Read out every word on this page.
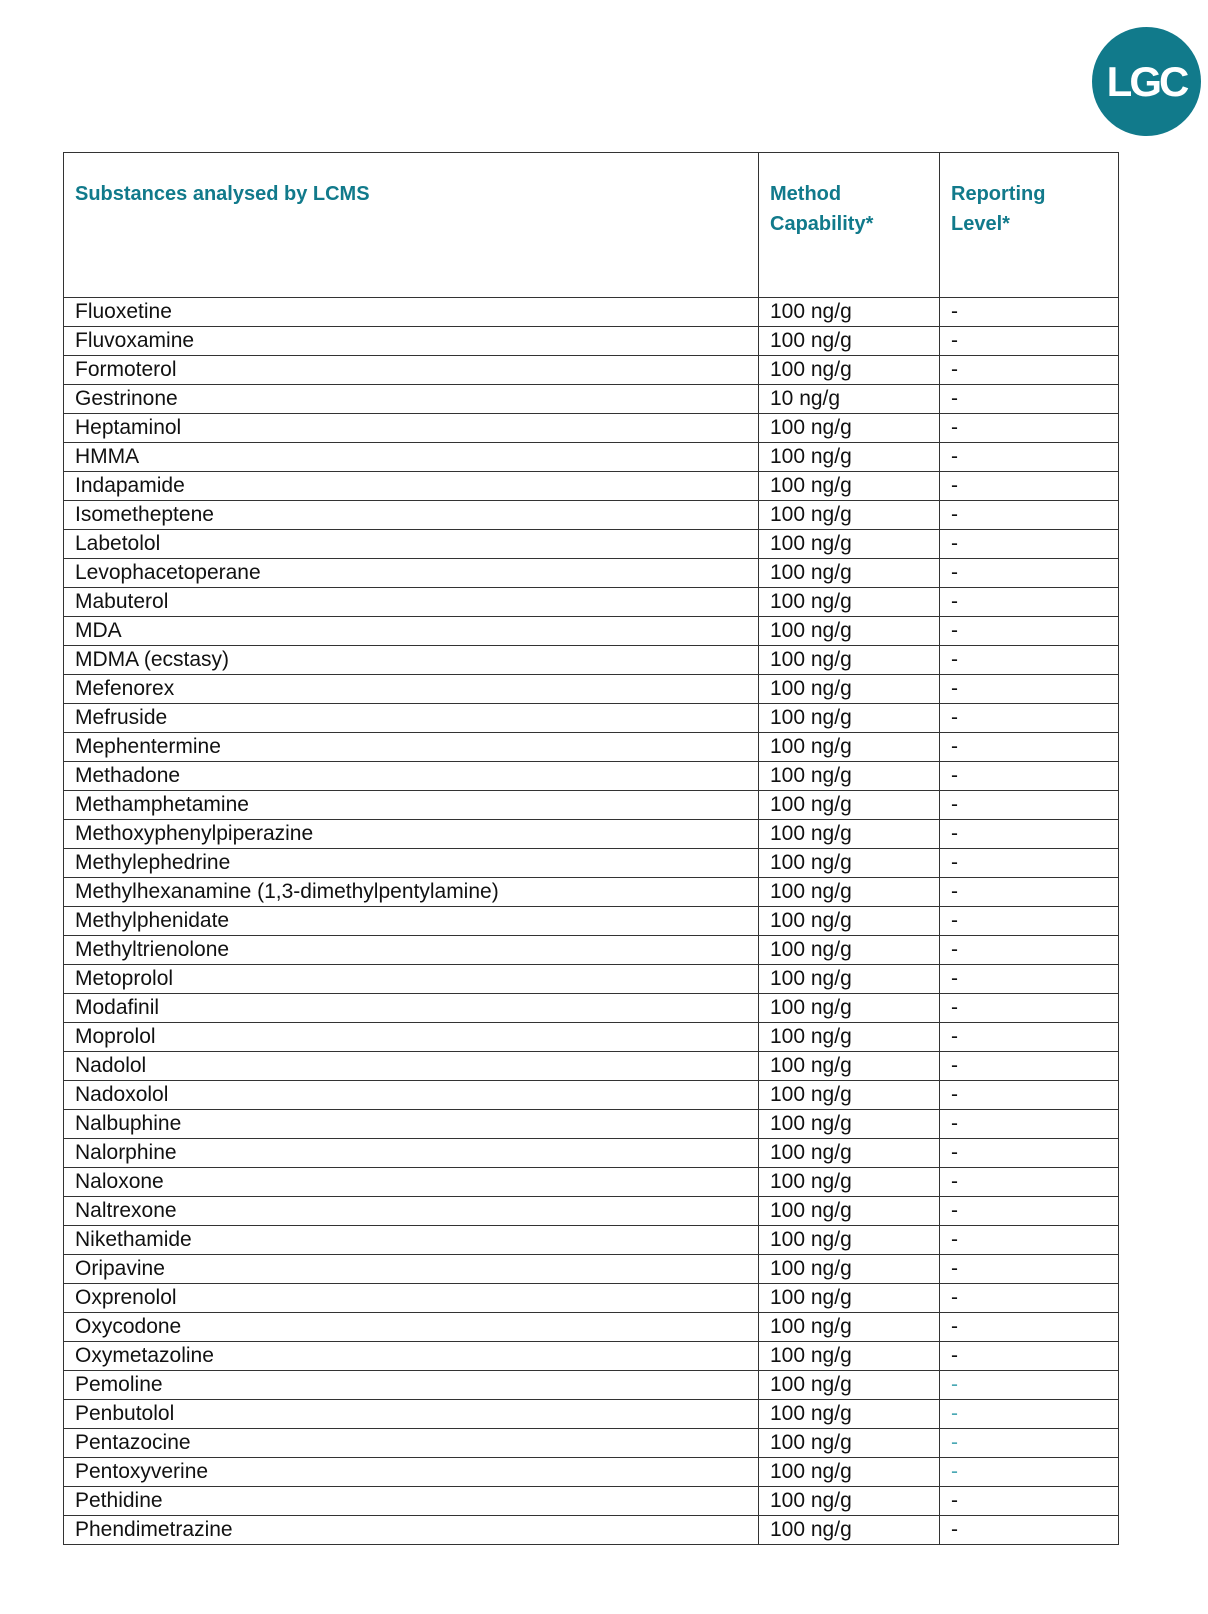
LGC
Substances analysed by LCMS	Method Capability*	Reporting Level*
Fluoxetine	100 ng/g	-
Fluvoxamine	100 ng/g	-
Formoterol	100 ng/g	-
Gestrinone	10 ng/g	-
Heptaminol	100 ng/g	-
HMMA	100 ng/g	-
Indapamide	100 ng/g	-
Isometheptene	100 ng/g	-
Labetolol	100 ng/g	-
Levophacetoperane	100 ng/g	-
Mabuterol	100 ng/g	-
MDA	100 ng/g	-
MDMA (ecstasy)	100 ng/g	-
Mefenorex	100 ng/g	-
Mefruside	100 ng/g	-
Mephentermine	100 ng/g	-
Methadone	100 ng/g	-
Methamphetamine	100 ng/g	-
Methoxyphenylpiperazine	100 ng/g	-
Methylephedrine	100 ng/g	-
Methylhexanamine (1,3-dimethylpentylamine)	100 ng/g	-
Methylphenidate	100 ng/g	-
Methyltrienolone	100 ng/g	-
Metoprolol	100 ng/g	-
Modafinil	100 ng/g	-
Moprolol	100 ng/g	-
Nadolol	100 ng/g	-
Nadoxolol	100 ng/g	-
Nalbuphine	100 ng/g	-
Nalorphine	100 ng/g	-
Naloxone	100 ng/g	-
Naltrexone	100 ng/g	-
Nikethamide	100 ng/g	-
Oripavine	100 ng/g	-
Oxprenolol	100 ng/g	-
Oxycodone	100 ng/g	-
Oxymetazoline	100 ng/g	-
Pemoline	100 ng/g	-
Penbutolol	100 ng/g	-
Pentazocine	100 ng/g	-
Pentoxyverine	100 ng/g	-
Pethidine	100 ng/g	-
Phendimetrazine	100 ng/g	-
